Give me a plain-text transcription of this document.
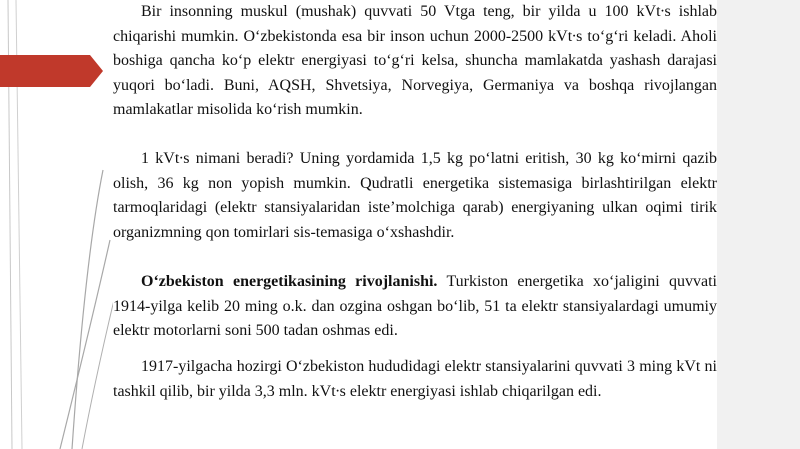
Bir insonning muskul (mushak) quvvati 50 Vtga teng, bir yilda u 100 kVt∙s ishlab chiqarishi mumkin. O‘zbekistonda esa bir inson uchun 2000-2500 kVt∙s to‘g‘ri keladi. Aholi boshiga qancha ko‘p elektr energiyasi to‘g‘ri kelsa, shuncha mamlakatda yashash darajasi yuqori bo‘ladi. Buni, AQSH, Shvetsiya, Norvegiya, Germaniya va boshqa rivojlangan mamlakatlar misolida ko‘rish mumkin.

1 kVt∙s nimani beradi? Uning yordamida 1,5 kg po‘latni eritish, 30 kg ko‘mirni qazib olish, 36 kg non yopish mumkin. Qudratli energetika sistemasiga birlashtirilgan elektr tarmoqlaridagi (elektr stansiyalaridan iste’molchiga qarab) energiyaning ulkan oqimi tirik organizmning qon tomirlari sis-temasiga o‘xshashdir.

O‘zbekiston energetikasining rivojlanishi. Turkiston energetika xo‘jaligini quvvati 1914-yilga kelib 20 ming o.k. dan ozgina oshgan bo‘lib, 51 ta elektr stansiyalardagi umumiy elektr motorlarni soni 500 tadan oshmas edi.

1917-yilgacha hozirgi O‘zbekiston hududidagi elektr stansiyalarini quvvati 3 ming kVt ni tashkil qilib, bir yilda 3,3 mln. kVt∙s elektr energiyasi ishlab chiqarilgan edi.
